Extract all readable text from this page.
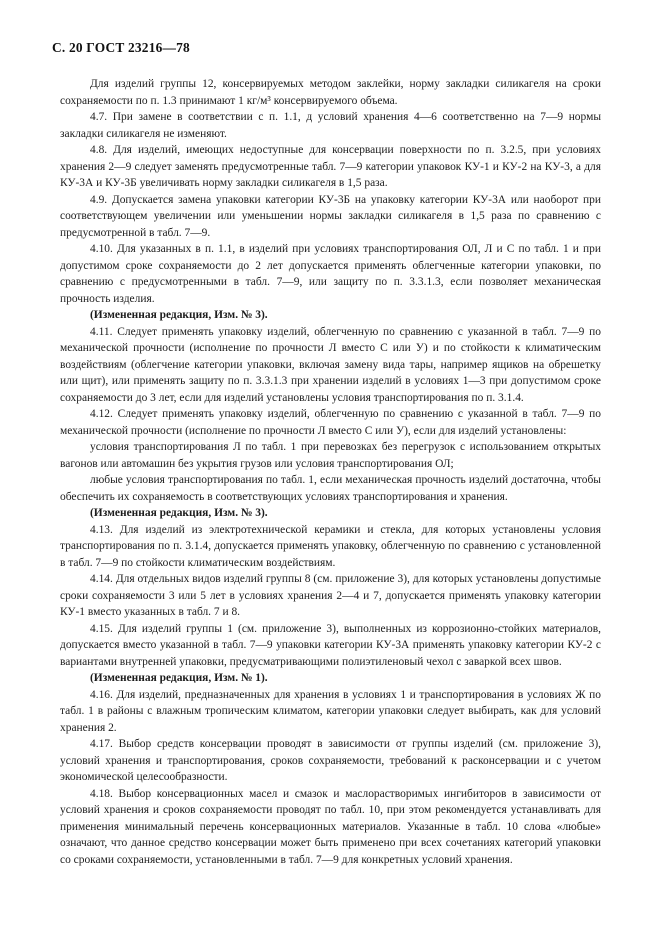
С. 20 ГОСТ 23216—78

Для изделий группы 12, консервируемых методом заклейки, норму закладки силикагеля на сроки сохраняемости по п. 1.3 принимают 1 кг/м³ консервируемого объема.

4.7. При замене в соответствии с п. 1.1, д условий хранения 4—6 соответственно на 7—9 нормы закладки силикагеля не изменяют.

4.8. Для изделий, имеющих недоступные для консервации поверхности по п. 3.2.5, при условиях хранения 2—9 следует заменять предусмотренные табл. 7—9 категории упаковок КУ-1 и КУ-2 на КУ-3, а для КУ-3А и КУ-3Б увеличивать норму закладки силикагеля в 1,5 раза.

4.9. Допускается замена упаковки категории КУ-3Б на упаковку категории КУ-3А или наоборот при соответствующем увеличении или уменьшении нормы закладки силикагеля в 1,5 раза по сравнению с предусмотренной в табл. 7—9.

4.10. Для указанных в п. 1.1, в изделий при условиях транспортирования ОЛ, Л и С по табл. 1 и при допустимом сроке сохраняемости до 2 лет допускается применять облегченные категории упаковки, по сравнению с предусмотренными в табл. 7—9, или защиту по п. 3.3.1.3, если позволяет механическая прочность изделия.

(Измененная редакция, Изм. № 3).

4.11. Следует применять упаковку изделий, облегченную по сравнению с указанной в табл. 7—9 по механической прочности (исполнение по прочности Л вместо С или У) и по стойкости к климатическим воздействиям (облегчение категории упаковки, включая замену вида тары, например ящиков на обрешетку или щит), или применять защиту по п. 3.3.1.3 при хранении изделий в условиях 1—3 при допустимом сроке сохраняемости до 3 лет, если для изделий установлены условия транспортирования по п. 3.1.4.

4.12. Следует применять упаковку изделий, облегченную по сравнению с указанной в табл. 7—9 по механической прочности (исполнение по прочности Л вместо С или У), если для изделий установлены:

условия транспортирования Л по табл. 1 при перевозках без перегрузок с использованием открытых вагонов или автомашин без укрытия грузов или условия транспортирования ОЛ;

любые условия транспортирования по табл. 1, если механическая прочность изделий достаточна, чтобы обеспечить их сохраняемость в соответствующих условиях транспортирования и хранения.

(Измененная редакция, Изм. № 3).

4.13. Для изделий из электротехнической керамики и стекла, для которых установлены условия транспортирования по п. 3.1.4, допускается применять упаковку, облегченную по сравнению с установленной в табл. 7—9 по стойкости климатическим воздействиям.

4.14. Для отдельных видов изделий группы 8 (см. приложение 3), для которых установлены допустимые сроки сохраняемости 3 или 5 лет в условиях хранения 2—4 и 7, допускается применять упаковку категории КУ-1 вместо указанных в табл. 7 и 8.

4.15. Для изделий группы 1 (см. приложение 3), выполненных из коррозионно-стойких материалов, допускается вместо указанной в табл. 7—9 упаковки категории КУ-3А применять упаковку категории КУ-2 с вариантами внутренней упаковки, предусматривающими полиэтиленовый чехол с заваркой всех швов.

(Измененная редакция, Изм. № 1).

4.16. Для изделий, предназначенных для хранения в условиях 1 и транспортирования в условиях Ж по табл. 1 в районы с влажным тропическим климатом, категории упаковки следует выбирать, как для условий хранения 2.

4.17. Выбор средств консервации проводят в зависимости от группы изделий (см. приложение 3), условий хранения и транспортирования, сроков сохраняемости, требований к расконсервации и с учетом экономической целесообразности.

4.18. Выбор консервационных масел и смазок и маслорастворимых ингибиторов в зависимости от условий хранения и сроков сохраняемости проводят по табл. 10, при этом рекомендуется устанавливать для применения минимальный перечень консервационных материалов. Указанные в табл. 10 слова «любые» означают, что данное средство консервации может быть применено при всех сочетаниях категорий упаковки со сроками сохраняемости, установленными в табл. 7—9 для конкретных условий хранения.
